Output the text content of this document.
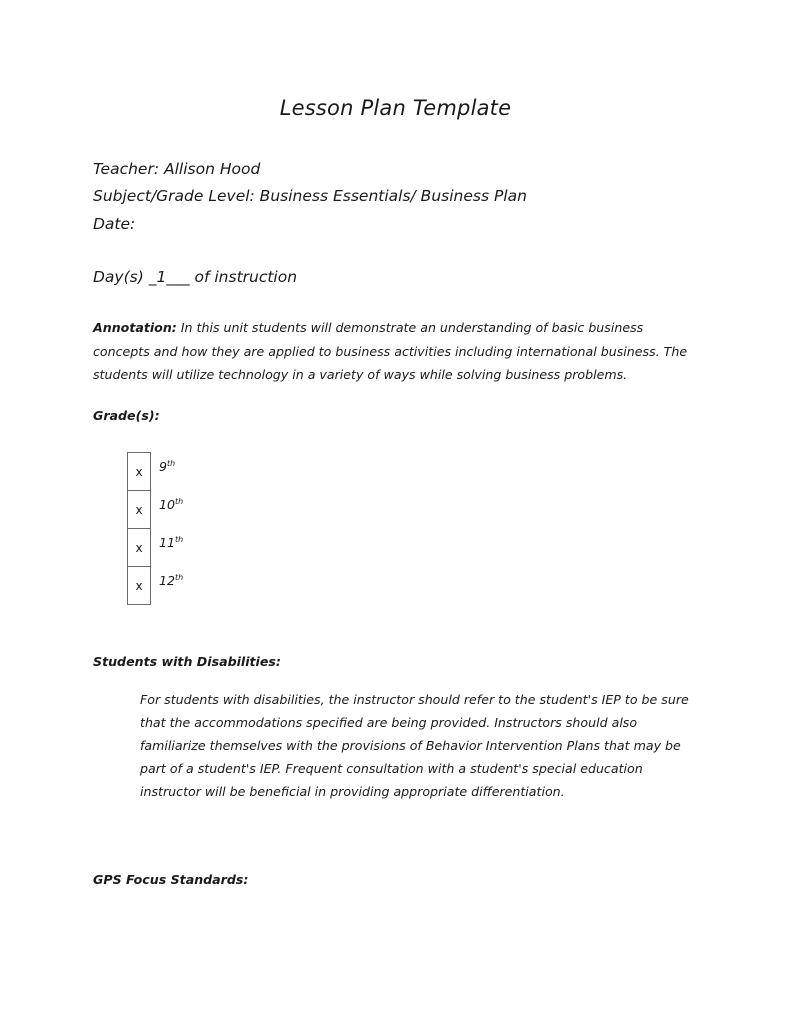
Lesson Plan Template
Teacher: Allison Hood
Subject/Grade Level: Business Essentials/ Business Plan
Date:
Day(s) _1___ of instruction
Annotation: In this unit students will demonstrate an understanding of basic business concepts and how they are applied to business activities including international business. The students will utilize technology in a variety of ways while solving business problems.
Grade(s):
x	9th
x	10th
x	11th
x	12th
Students with Disabilities:
For students with disabilities, the instructor should refer to the student's IEP to be sure that the accommodations specified are being provided. Instructors should also familiarize themselves with the provisions of Behavior Intervention Plans that may be part of a student's IEP. Frequent consultation with a student's special education instructor will be beneficial in providing appropriate differentiation.
GPS Focus Standards:
